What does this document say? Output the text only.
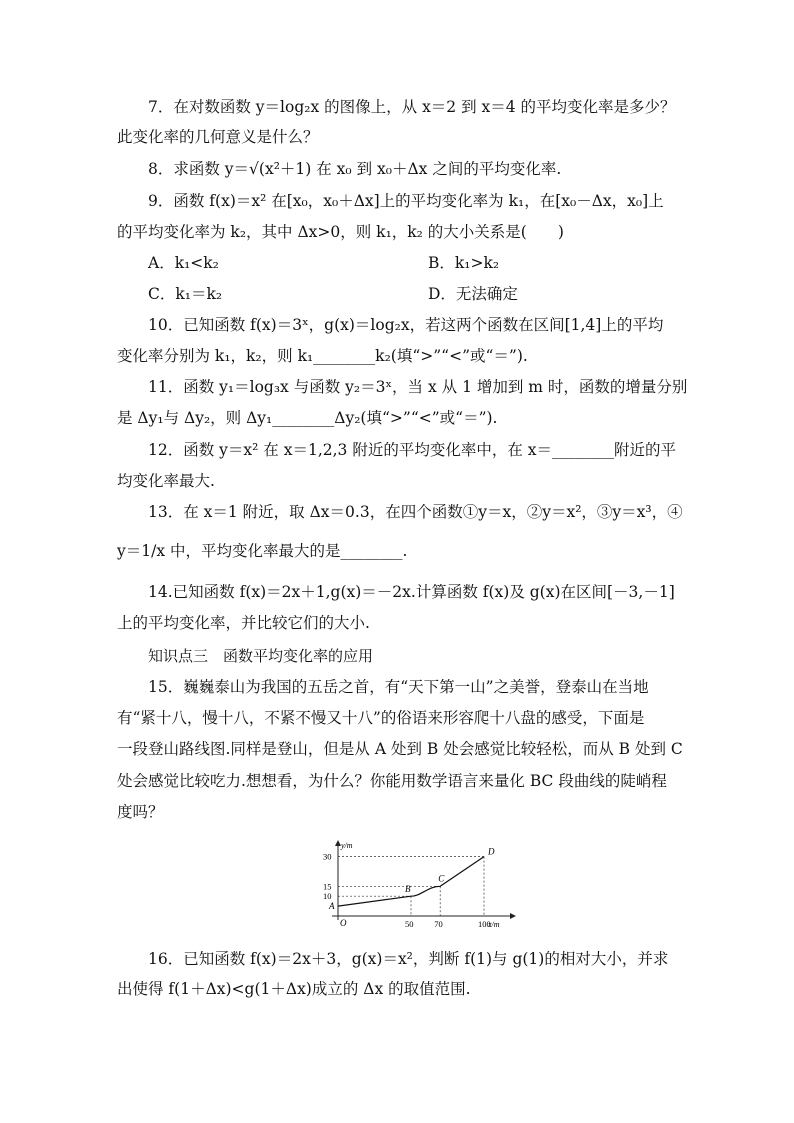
7．在对数函数 y＝log₂x 的图像上，从 x＝2 到 x＝4 的平均变化率是多少？
此变化率的几何意义是什么？
8．求函数 y＝√(x²＋1) 在 x₀ 到 x₀＋Δx 之间的平均变化率.
9．函数 f(x)＝x² 在[x₀，x₀＋Δx]上的平均变化率为 k₁，在[x₀－Δx，x₀]上
的平均变化率为 k₂，其中 Δx>0，则 k₁，k₂ 的大小关系是(　　)
A．k₁<k₂	B．k₁>k₂
C．k₁＝k₂	D．无法确定
10．已知函数 f(x)＝3ˣ，g(x)＝log₂x，若这两个函数在区间[1,4]上的平均
变化率分别为 k₁，k₂，则 k₁________k₂(填“>”“<”或“＝”).
11．函数 y₁＝log₃x 与函数 y₂＝3ˣ，当 x 从 1 增加到 m 时，函数的增量分别
是 Δy₁与 Δy₂，则 Δy₁________Δy₂(填“>”“<”或“＝”).
12．函数 y＝x² 在 x＝1,2,3 附近的平均变化率中，在 x＝________附近的平
均变化率最大.
13．在 x＝1 附近，取 Δx＝0.3，在四个函数①y＝x，②y＝x²，③y＝x³，④
y＝1/x 中，平均变化率最大的是________.
14.已知函数 f(x)＝2x＋1,g(x)＝－2x.计算函数 f(x)及 g(x)在区间[－3,－1]
上的平均变化率，并比较它们的大小.
知识点三　函数平均变化率的应用
15．巍巍泰山为我国的五岳之首，有“天下第一山”之美誉，登泰山在当地
有“紧十八，慢十八，不紧不慢又十八”的俗语来形容爬十八盘的感受，下面是
一段登山路线图.同样是登山，但是从 A 处到 B 处会感觉比较轻松，而从 B 处到 C
处会感觉比较吃力.想想看，为什么？你能用数学语言来量化 BC 段曲线的陡峭程
度吗？
y/m
x/m
O
A
B
C
D
50 70	100
10
15
30
16．已知函数 f(x)＝2x＋3，g(x)＝x²，判断 f(1)与 g(1)的相对大小，并求
出使得 f(1＋Δx)<g(1＋Δx)成立的 Δx 的取值范围.
